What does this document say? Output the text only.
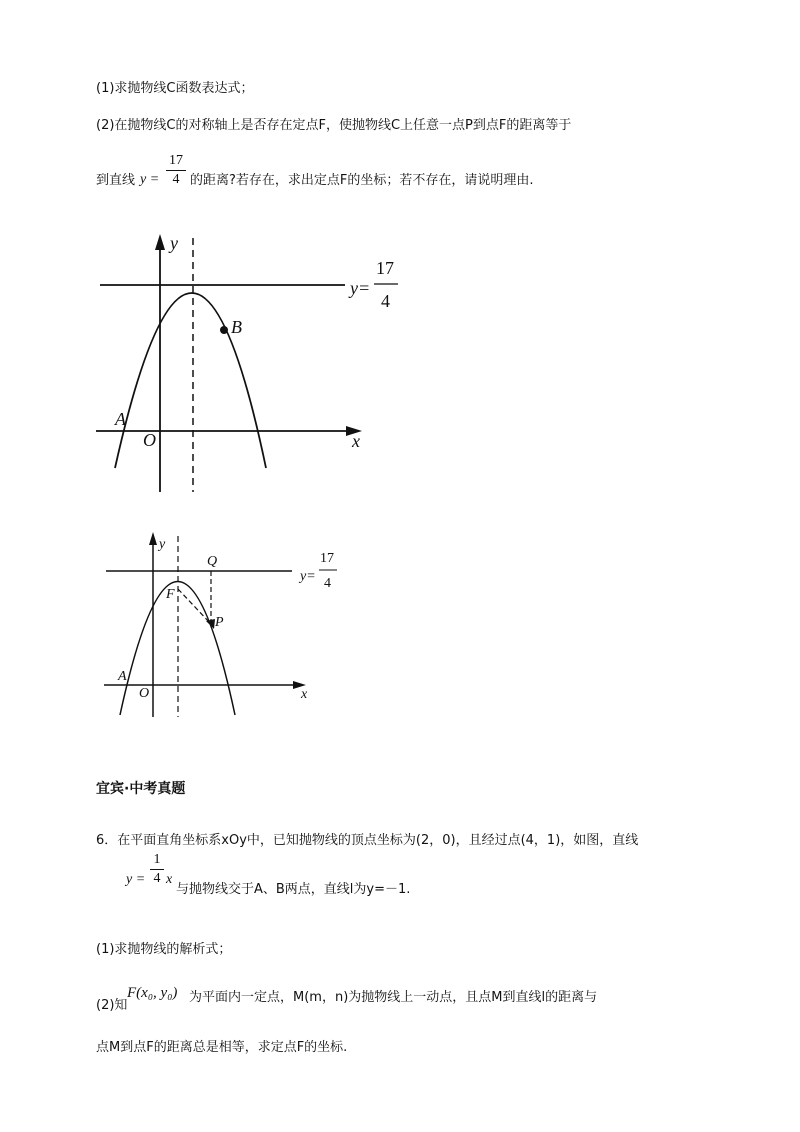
(1)求抛物线C函数表达式；
(2)在抛物线C的对称轴上是否存在定点F，使抛物线C上任意一点P到点F的距离等于
到直线 y =
17
4 的距离?若存在，求出定点F的坐标；若不存在，请说明理由.
B
y
x
O
A
y=
17
4
y
x
O
A
F
P
Q
y=
17
4
宜宾·中考真题
6．在平面直角坐标系xOy中，已知抛物线的顶点坐标为(2，0)，且经过点(4，1)，如图，直线
y =
1
4 x
与抛物线交于A、B两点，直线l为y=－1.
(1)求抛物线的解析式；
(2)知
F(x₀, y₀) 为平面内一定点，M(m，n)为抛物线上一动点，且点M到直线l的距离与
点M到点F的距离总是相等，求定点F的坐标.
